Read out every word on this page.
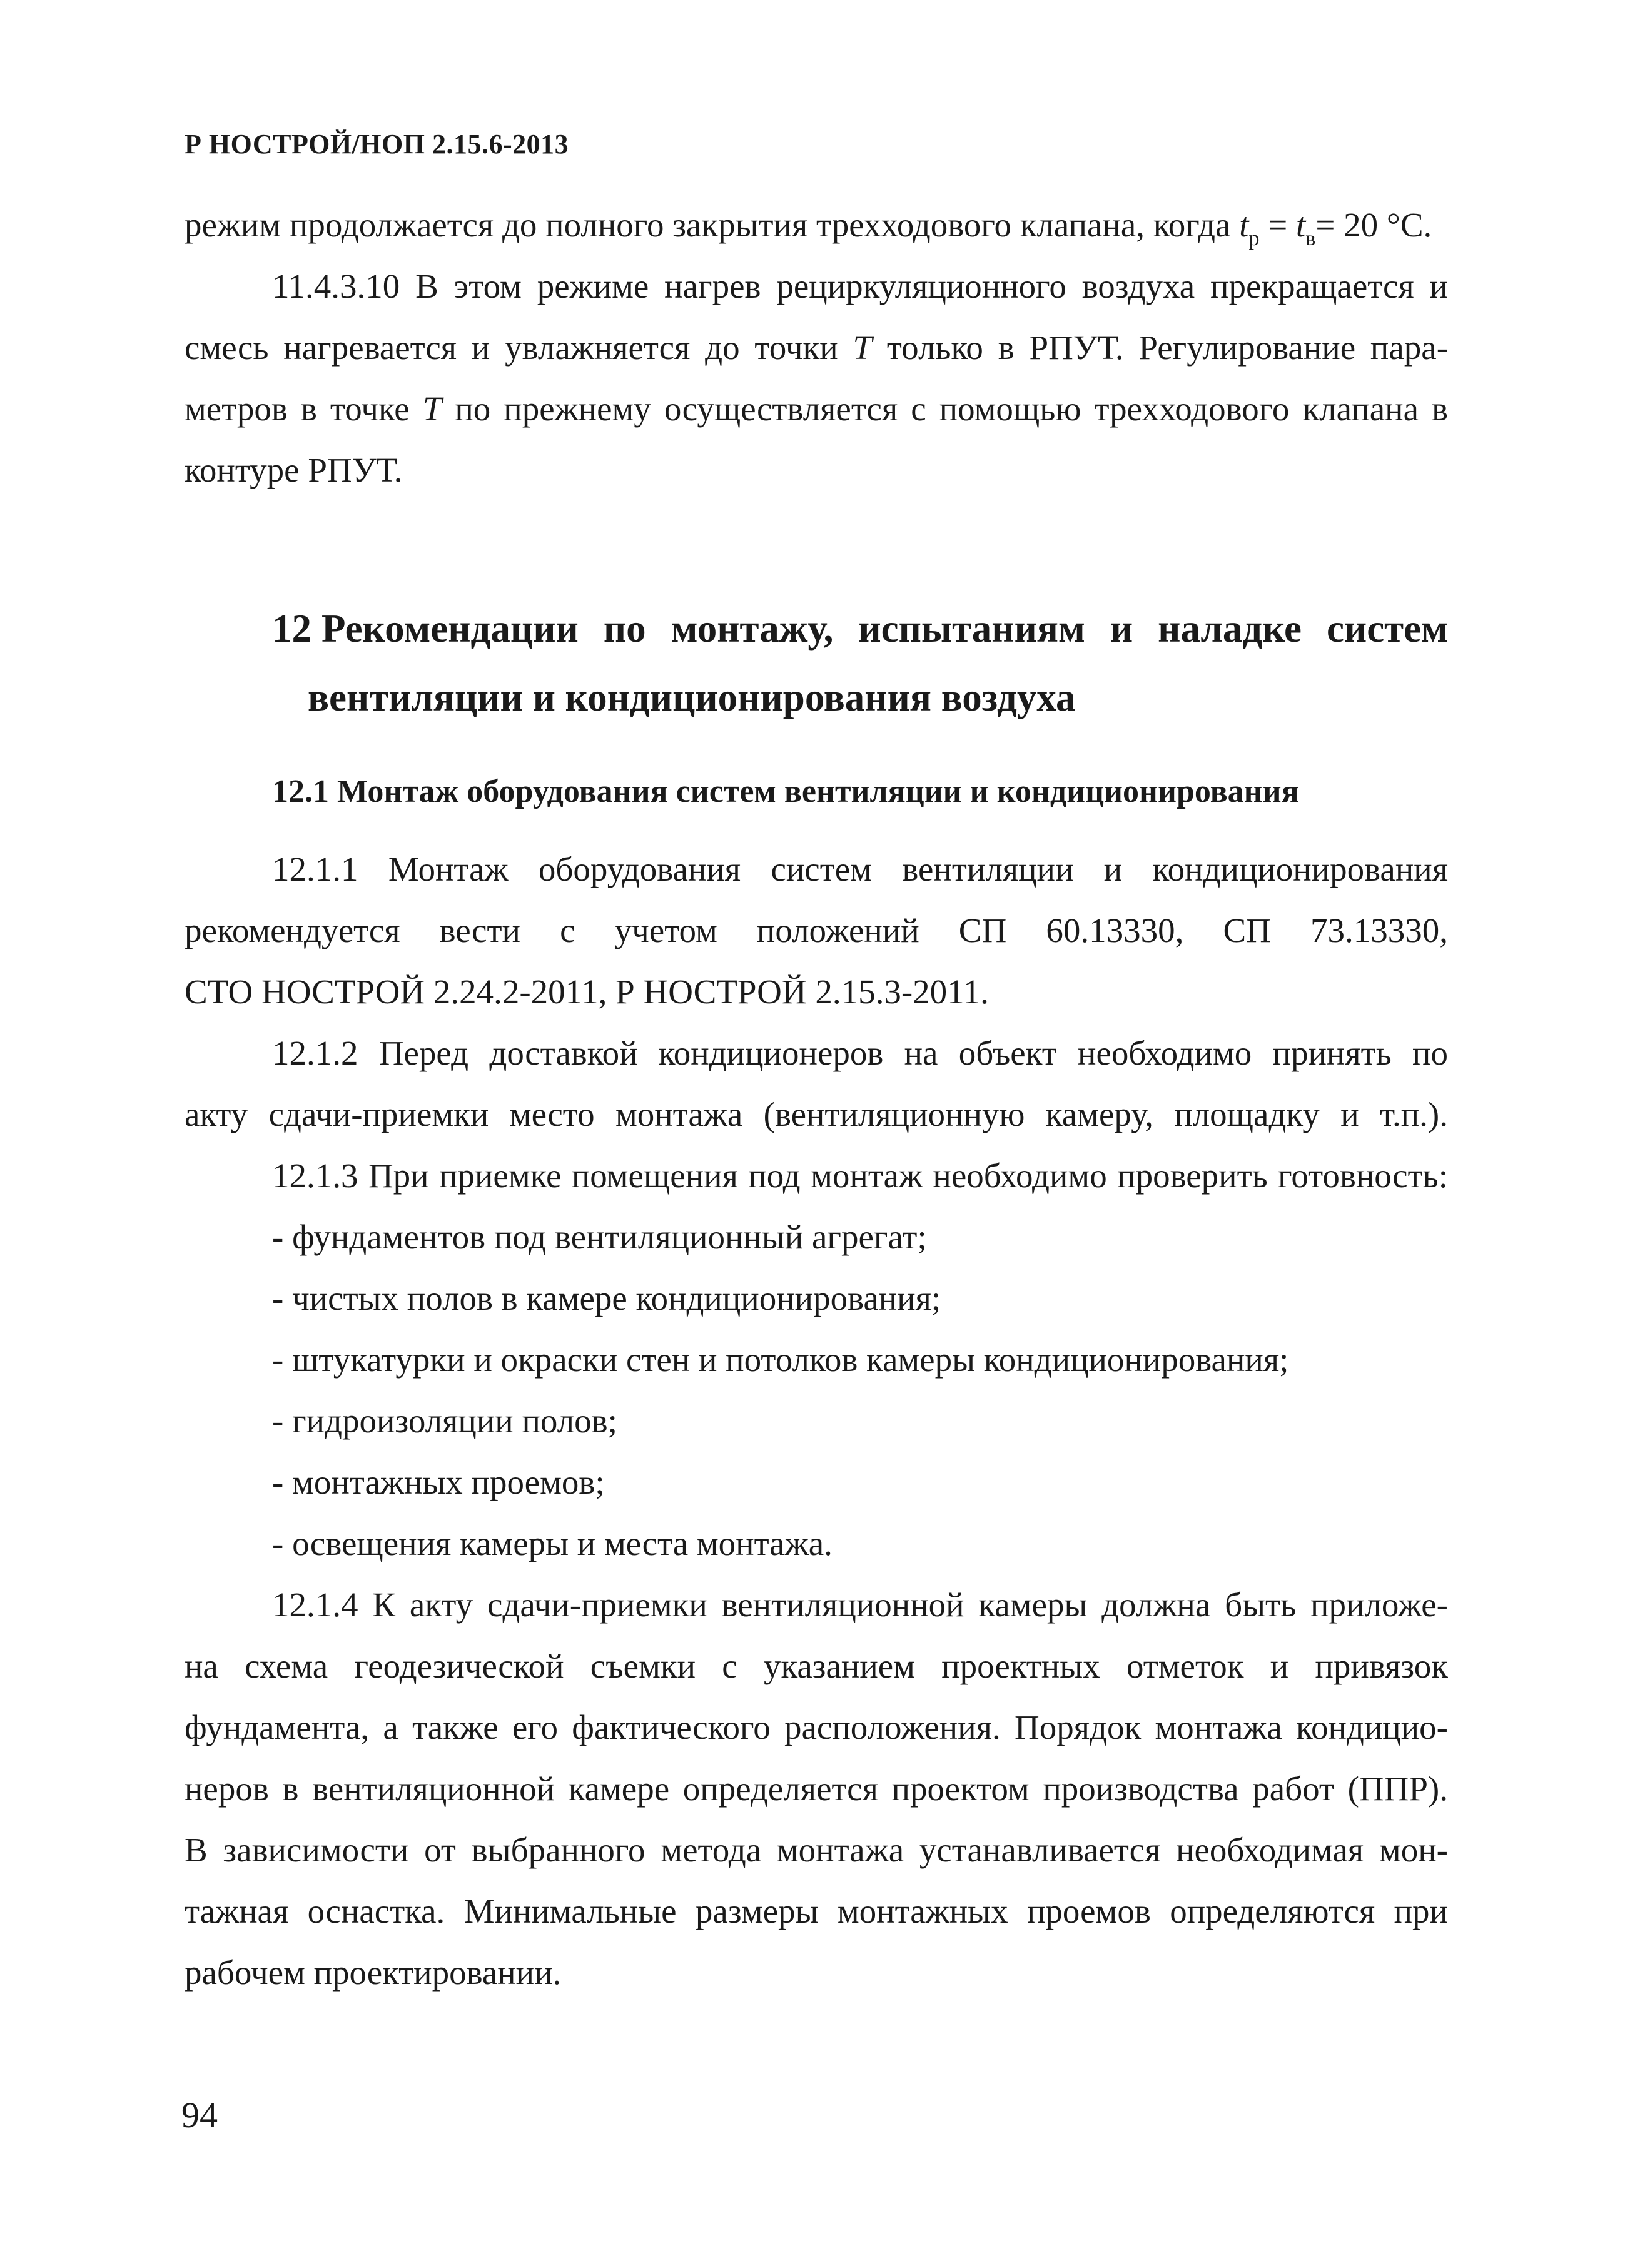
Р НОСТРОЙ/НОП 2.15.6-2013
режим продолжается до полного закрытия трехходового клапана, когда $t_р = t_в= 20$ °С.
11.4.3.10 В этом режиме нагрев рециркуляционного воздуха прекращается и
смесь нагревается и увлажняется до точки Т только в РПУТ. Регулирование пара-
метров в точке Т по прежнему осуществляется с помощью трехходового клапана в
контуре РПУТ.
12 Рекомендации по монтажу, испытаниям и наладке систем
вентиляции и кондиционирования воздуха
12.1 Монтаж оборудования систем вентиляции и кондиционирования
12.1.1 Монтаж оборудования систем вентиляции и кондиционирования
рекомендуется вести с учетом положений СП 60.13330, СП 73.13330,
СТО НОСТРОЙ 2.24.2-2011, Р НОСТРОЙ 2.15.3-2011.
12.1.2 Перед доставкой кондиционеров на объект необходимо принять по
акту сдачи-приемки место монтажа (вентиляционную камеру, площадку и т.п.).
12.1.3 При приемке помещения под монтаж необходимо проверить готовность:
- фундаментов под вентиляционный агрегат;
- чистых полов в камере кондиционирования;
- штукатурки и окраски стен и потолков камеры кондиционирования;
- гидроизоляции полов;
- монтажных проемов;
- освещения камеры и места монтажа.
12.1.4 К акту сдачи-приемки вентиляционной камеры должна быть приложе-
на схема геодезической съемки с указанием проектных отметок и привязок
фундамента, а также его фактического расположения. Порядок монтажа кондицио-
неров в вентиляционной камере определяется проектом производства работ (ППР).
В зависимости от выбранного метода монтажа устанавливается необходимая мон-
тажная оснастка. Минимальные размеры монтажных проемов определяются при
рабочем проектировании.
94
